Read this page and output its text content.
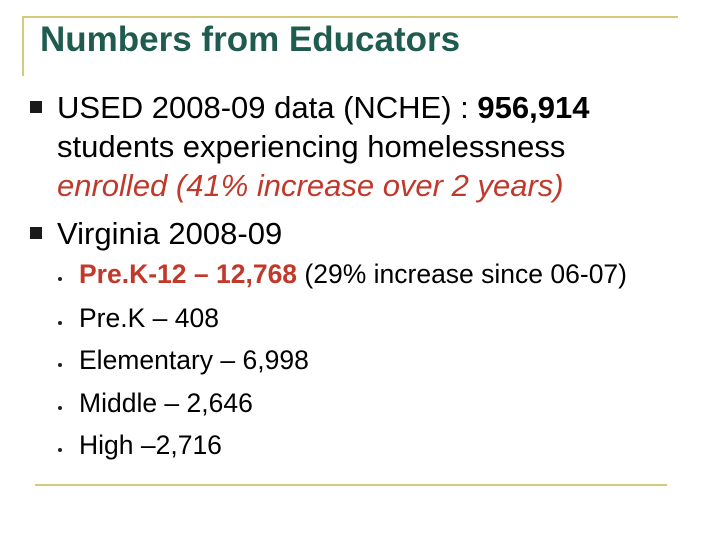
Numbers from Educators
USED 2008-09 data (NCHE) : 956,914
students experiencing homelessness
enrolled (41% increase over 2 years)
Virginia 2008-09
Pre.K-12 – 12,768 (29% increase since 06-07)
Pre.K – 408
Elementary – 6,998
Middle – 2,646
High –2,716
